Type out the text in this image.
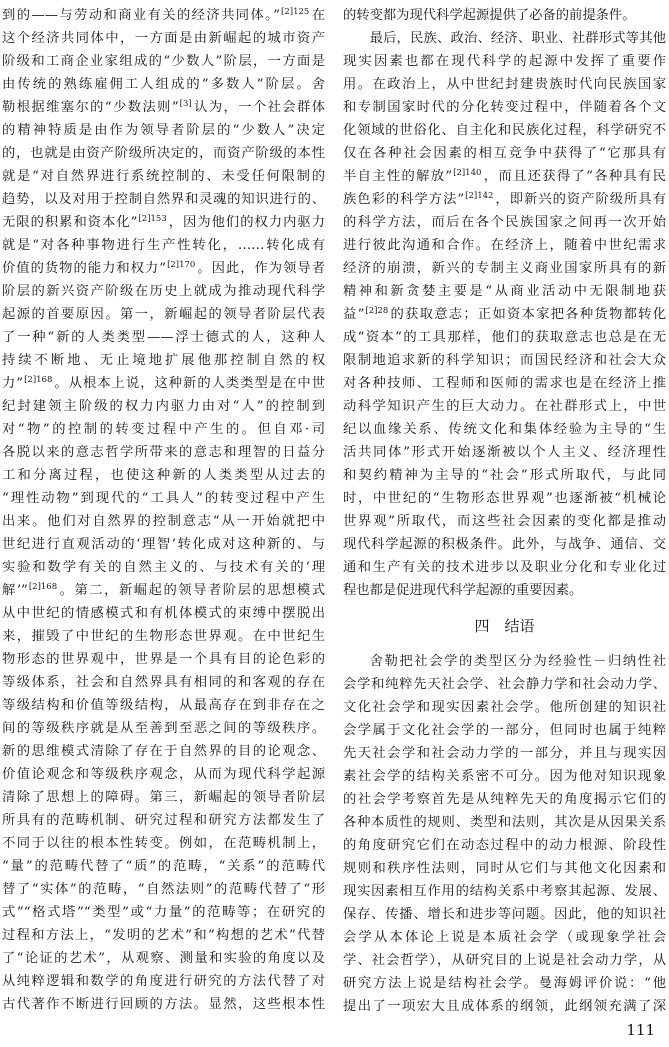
到的——与劳动和商业有关的经济共同体。”$^{[2]125}$在
这个经济共同体中，一方面是由新崛起的城市资产
阶级和工商企业家组成的“少数人”阶层，一方面是
由传统的熟练雇佣工人组成的“多数人”阶层。舍
勒根据维塞尔的“少数法则”[3]认为，一个社会群体
的精神特质是由作为领导者阶层的“少数人”决定
的，也就是由资产阶级所决定的，而资产阶级的本性
就是“对自然界进行系统控制的、未受任何限制的
趋势，以及对用于控制自然界和灵魂的知识进行的、
无限的积累和资本化”$^{[2]153}$，因为他们的权力内驱力
就是“对各种事物进行生产性转化，……转化成有
价值的货物的能力和权力”$^{[2]170}$。因此，作为领导者
阶层的新兴资产阶级在历史上就成为推动现代科学
起源的首要原因。第一，新崛起的领导者阶层代表
了一种“新的人类类型——浮士德式的人，这种人
持续不断地、无止境地扩展他那控制自然的权
力”$^{[2]168}$。从根本上说，这种新的人类类型是在中世
纪封建领主阶级的权力内驱力由对“人”的控制到
对“物”的控制的转变过程中产生的。但自邓·司
各脱以来的意志哲学所带来的意志和理智的日益分
工和分离过程，也使这种新的人类类型从过去的
“理性动物”到现代的“工具人”的转变过程中产生
出来。他们对自然界的控制意志“从一开始就把中
世纪进行直观活动的‘理智’转化成对这种新的、与
实验和数学有关的自然主义的、与技术有关的‘理
解’”$^{[2]168}$。第二，新崛起的领导者阶层的思想模式
从中世纪的情感模式和有机体模式的束缚中摆脱出
来，摧毁了中世纪的生物形态世界观。在中世纪生
物形态的世界观中，世界是一个具有目的论色彩的
等级体系，社会和自然界具有相同的和客观的存在
等级结构和价值等级结构，从最高存在到非存在之
间的等级秩序就是从至善到至恶之间的等级秩序。
新的思维模式清除了存在于自然界的目的论观念、
价值论观念和等级秩序观念，从而为现代科学起源
清除了思想上的障碍。第三，新崛起的领导者阶层
所具有的范畴机制、研究过程和研究方法都发生了
不同于以往的根本性转变。例如，在范畴机制上，
“量”的范畴代替了“质”的范畴，“关系”的范畴代
替了“实体”的范畴，“自然法则”的范畴代替了“形
式”“格式塔”“类型”或“力量”的范畴等；在研究的
过程和方法上，“发明的艺术”和“构想的艺术”代替
了“论证的艺术”，从观察、测量和实验的角度以及
从纯粹逻辑和数学的角度进行研究的方法代替了对
古代著作不断进行回顾的方法。显然，这些根本性
的转变都为现代科学起源提供了必备的前提条件。
最后，民族、政治、经济、职业、社群形式等其他
现实因素也都在现代科学的起源中发挥了重要作
用。在政治上，从中世纪封建贵族时代向民族国家
和专制国家时代的分化转变过程中，伴随着各个文
化领域的世俗化、自主化和民族化过程，科学研究不
仅在各种社会因素的相互竞争中获得了“它那具有
半自主性的解放”$^{[2]140}$，而且还获得了“各种具有民
族色彩的科学方法”$^{[2]142}$，即新兴的资产阶级所具有
的科学方法，而后在各个民族国家之间再一次开始
进行彼此沟通和合作。在经济上，随着中世纪需求
经济的崩溃，新兴的专制主义商业国家所具有的新
精神和新贪婪主要是“从商业活动中无限制地获
益”$^{[2]28}$的获取意志；正如资本家把各种货物都转化
成“资本”的工具那样，他们的获取意志也总是在无
限制地追求新的科学知识；而国民经济和社会大众
对各种技师、工程师和医师的需求也是在经济上推
动科学知识产生的巨大动力。在社群形式上，中世
纪以血缘关系、传统文化和集体经验为主导的“生
活共同体”形式开始逐渐被以个人主义、经济理性
和契约精神为主导的“社会”形式所取代，与此同
时，中世纪的“生物形态世界观”也逐渐被“机械论
世界观”所取代，而这些社会因素的变化都是推动
现代科学起源的积极条件。此外，与战争、通信、交
通和生产有关的技术进步以及职业分化和专业化过
程也都是促进现代科学起源的重要因素。
四　结语
舍勒把社会学的类型区分为经验性－归纳性社
会学和纯粹先天社会学、社会静力学和社会动力学、
文化社会学和现实因素社会学。他所创建的知识社
会学属于文化社会学的一部分，但同时也属于纯粹
先天社会学和社会动力学的一部分，并且与现实因
素社会学的结构关系密不可分。因为他对知识现象
的社会学考察首先是从纯粹先天的角度揭示它们的
各种本质性的规则、类型和法则，其次是从因果关系
的角度研究它们在动态过程中的动力根源、阶段性
规则和秩序性法则，同时从它们与其他文化因素和
现实因素相互作用的结构关系中考察其起源、发展、
保存、传播、增长和进步等问题。因此，他的知识社
会学从本体论上说是本质社会学（或现象学社会
学、社会哲学），从研究目的上说是社会动力学，从
研究方法上说是结构社会学。曼海姆评价说：“他
提出了一项宏大且成体系的纲领，此纲领充满了深
111
